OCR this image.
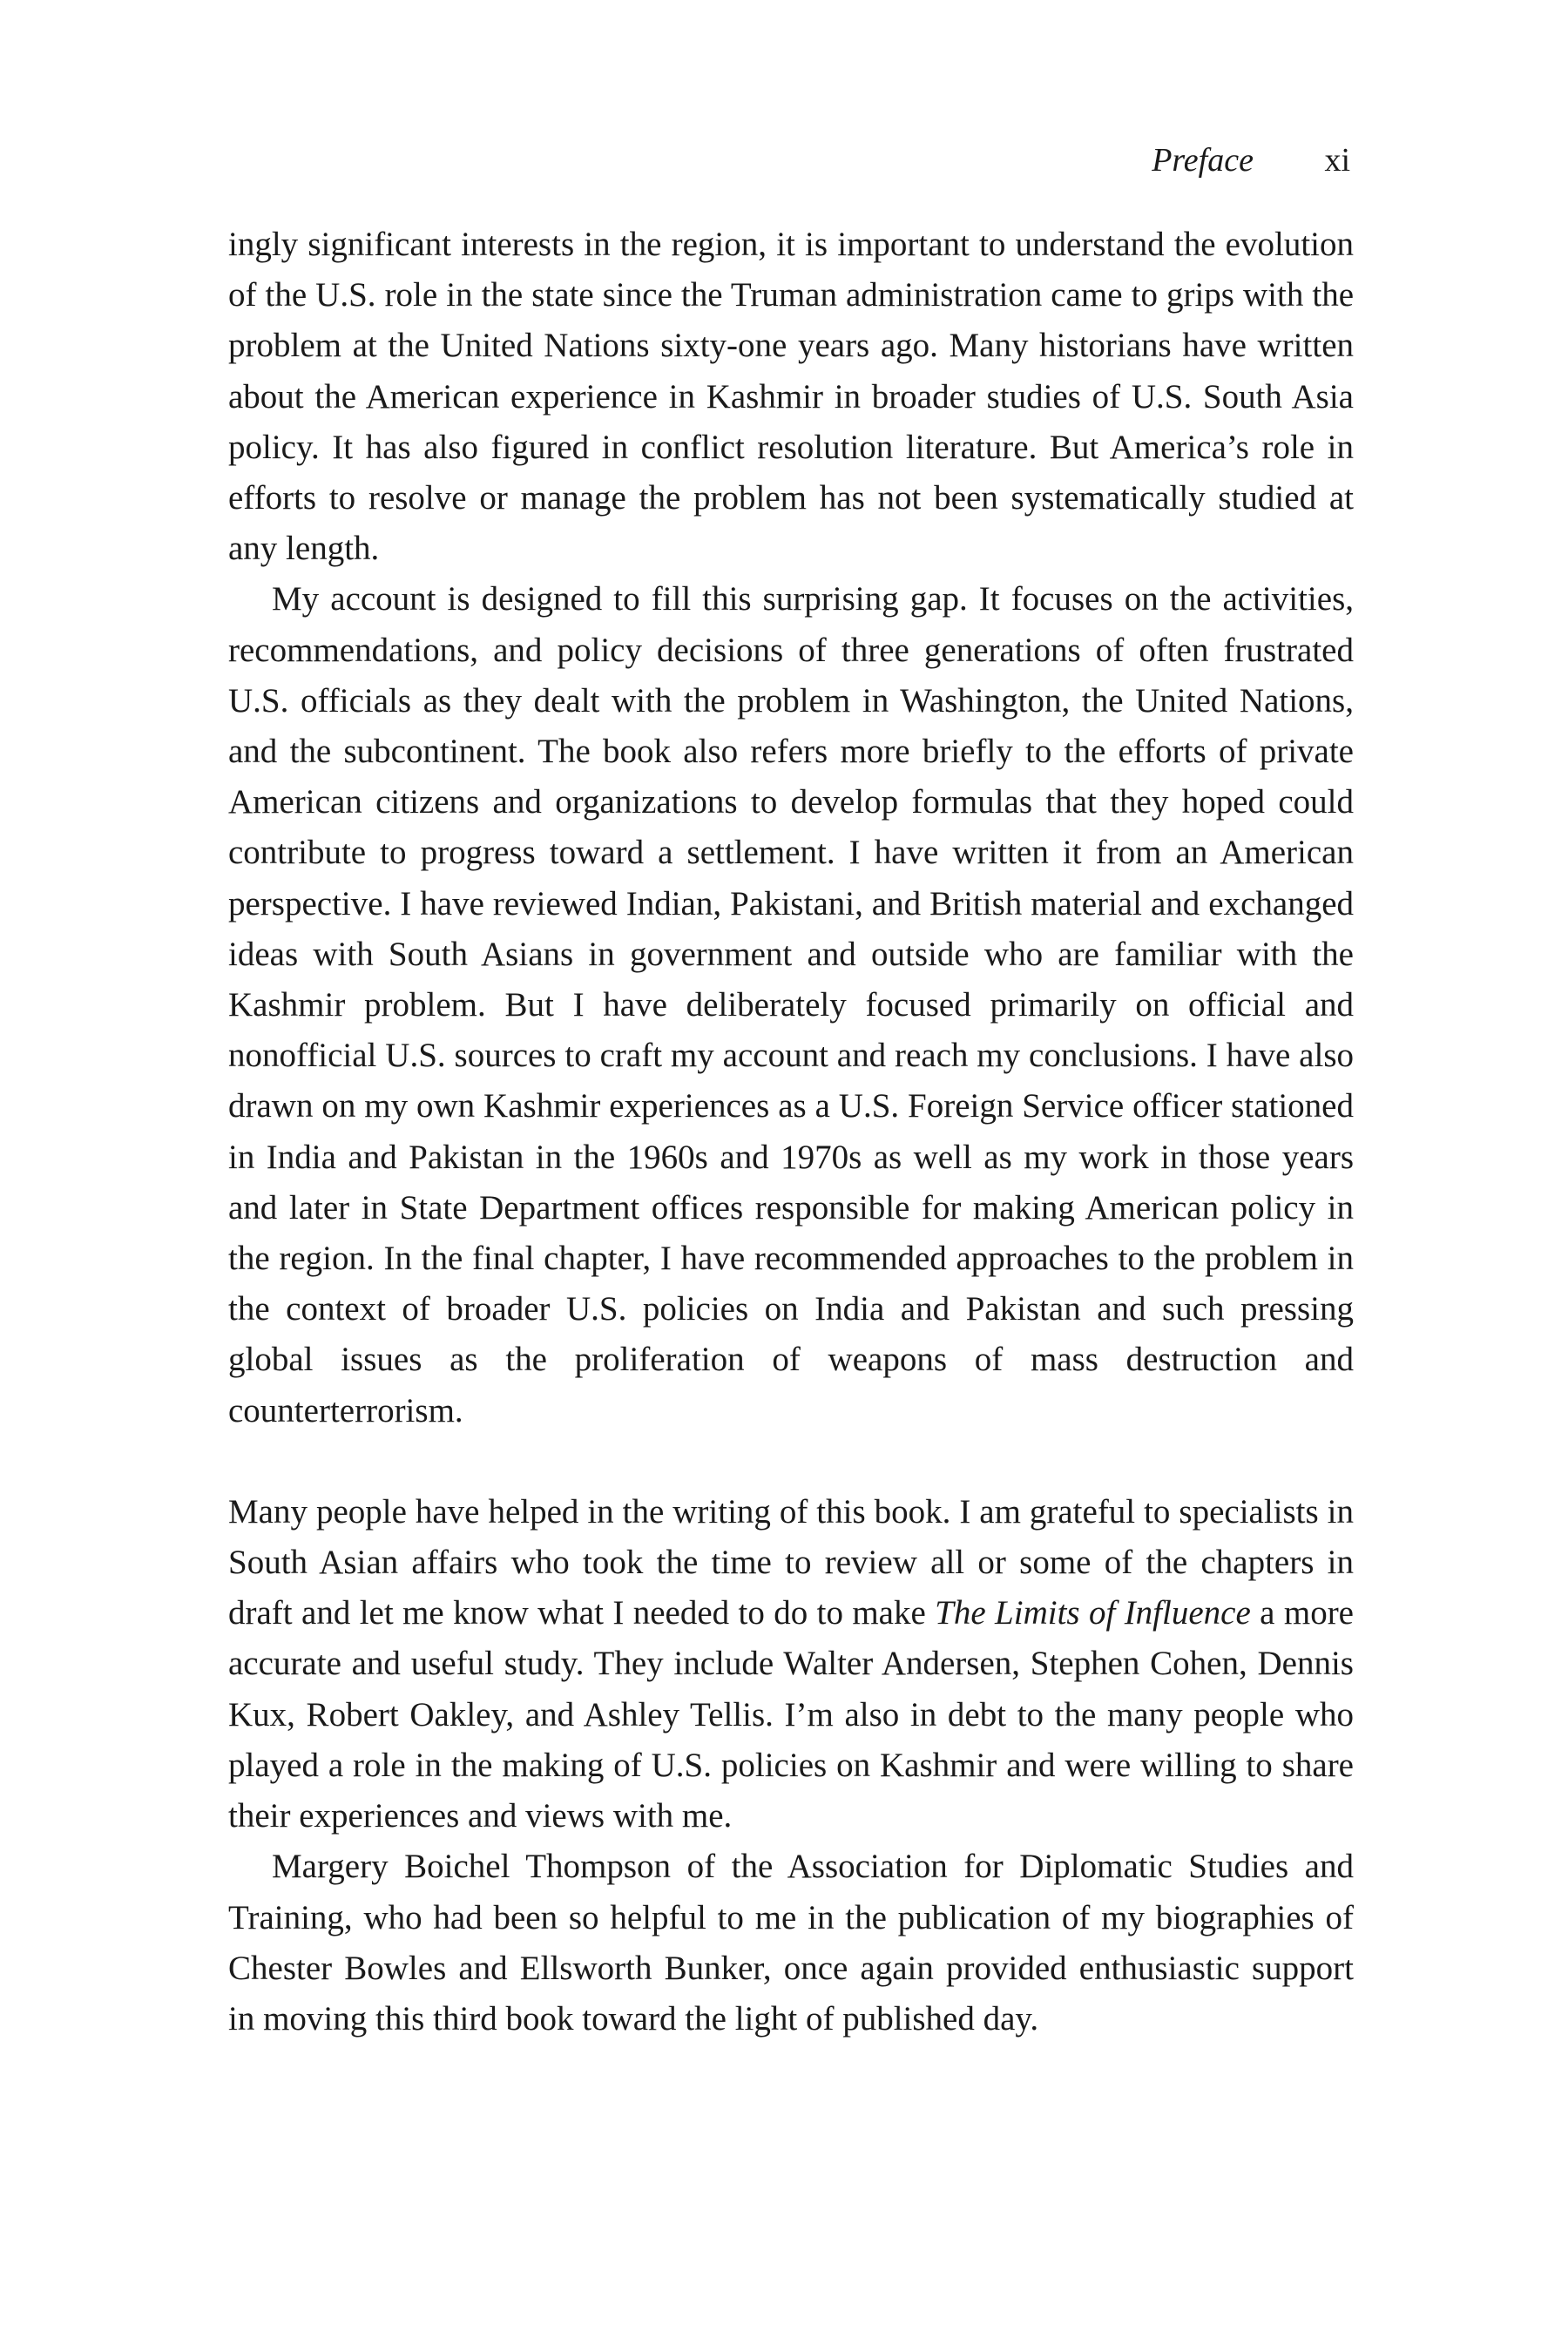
Preface xi

ingly significant interests in the region, it is important to understand the evolution of the U.S. role in the state since the Truman administration came to grips with the problem at the United Nations sixty-one years ago. Many historians have written about the American experience in Kashmir in broader studies of U.S. South Asia policy. It has also figured in conflict resolution literature. But America’s role in efforts to resolve or manage the problem has not been systematically studied at any length.

My account is designed to fill this surprising gap. It focuses on the activities, recommendations, and policy decisions of three generations of often frustrated U.S. officials as they dealt with the problem in Washington, the United Nations, and the subcontinent. The book also refers more briefly to the efforts of private American citizens and organizations to develop formulas that they hoped could contribute to progress toward a settlement. I have written it from an American perspective. I have reviewed Indian, Pakistani, and British material and exchanged ideas with South Asians in government and outside who are familiar with the Kashmir problem. But I have deliberately focused primarily on official and nonofficial U.S. sources to craft my account and reach my conclusions. I have also drawn on my own Kashmir experiences as a U.S. Foreign Service officer stationed in India and Pakistan in the 1960s and 1970s as well as my work in those years and later in State Department offices responsible for making American policy in the region. In the final chapter, I have recommended approaches to the problem in the context of broader U.S. policies on India and Pakistan and such pressing global issues as the proliferation of weapons of mass destruction and counterterrorism.

Many people have helped in the writing of this book. I am grateful to specialists in South Asian affairs who took the time to review all or some of the chapters in draft and let me know what I needed to do to make The Limits of Influence a more accurate and useful study. They include Walter Andersen, Stephen Cohen, Dennis Kux, Robert Oakley, and Ashley Tellis. I’m also in debt to the many people who played a role in the making of U.S. policies on Kashmir and were willing to share their experiences and views with me.

Margery Boichel Thompson of the Association for Diplomatic Studies and Training, who had been so helpful to me in the publication of my biographies of Chester Bowles and Ellsworth Bunker, once again provided enthusiastic support in moving this third book toward the light of published day.
